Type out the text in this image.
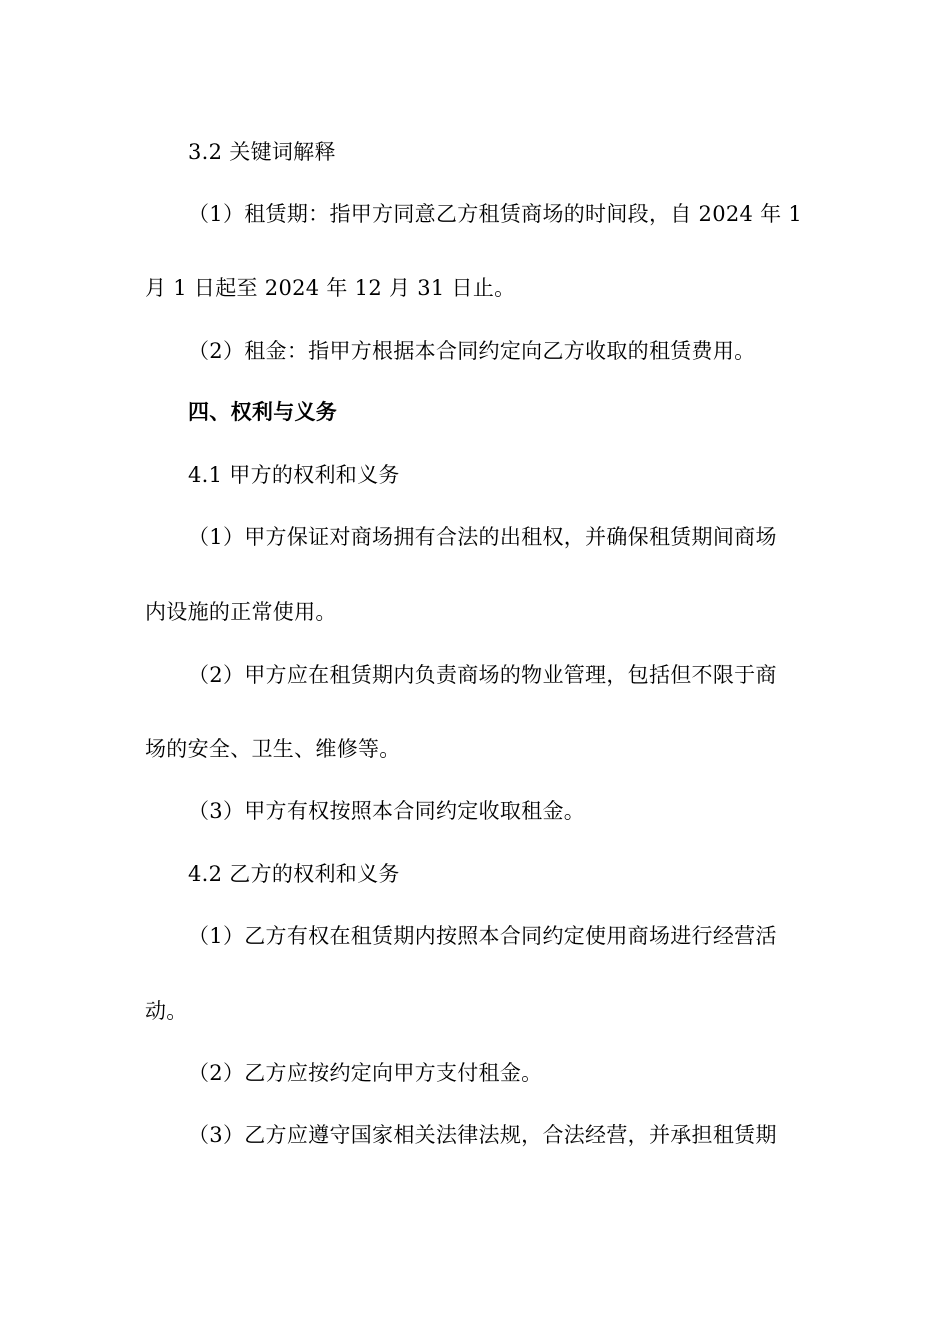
3.2 关键词解释
（1）租赁期：指甲方同意乙方租赁商场的时间段，自 2024 年 1
月 1 日起至 2024 年 12 月 31 日止。
（2）租金：指甲方根据本合同约定向乙方收取的租赁费用。
四、权利与义务
4.1 甲方的权利和义务
（1）甲方保证对商场拥有合法的出租权，并确保租赁期间商场
内设施的正常使用。
（2）甲方应在租赁期内负责商场的物业管理，包括但不限于商
场的安全、卫生、维修等。
（3）甲方有权按照本合同约定收取租金。
4.2 乙方的权利和义务
（1）乙方有权在租赁期内按照本合同约定使用商场进行经营活
动。
（2）乙方应按约定向甲方支付租金。
（3）乙方应遵守国家相关法律法规，合法经营，并承担租赁期
